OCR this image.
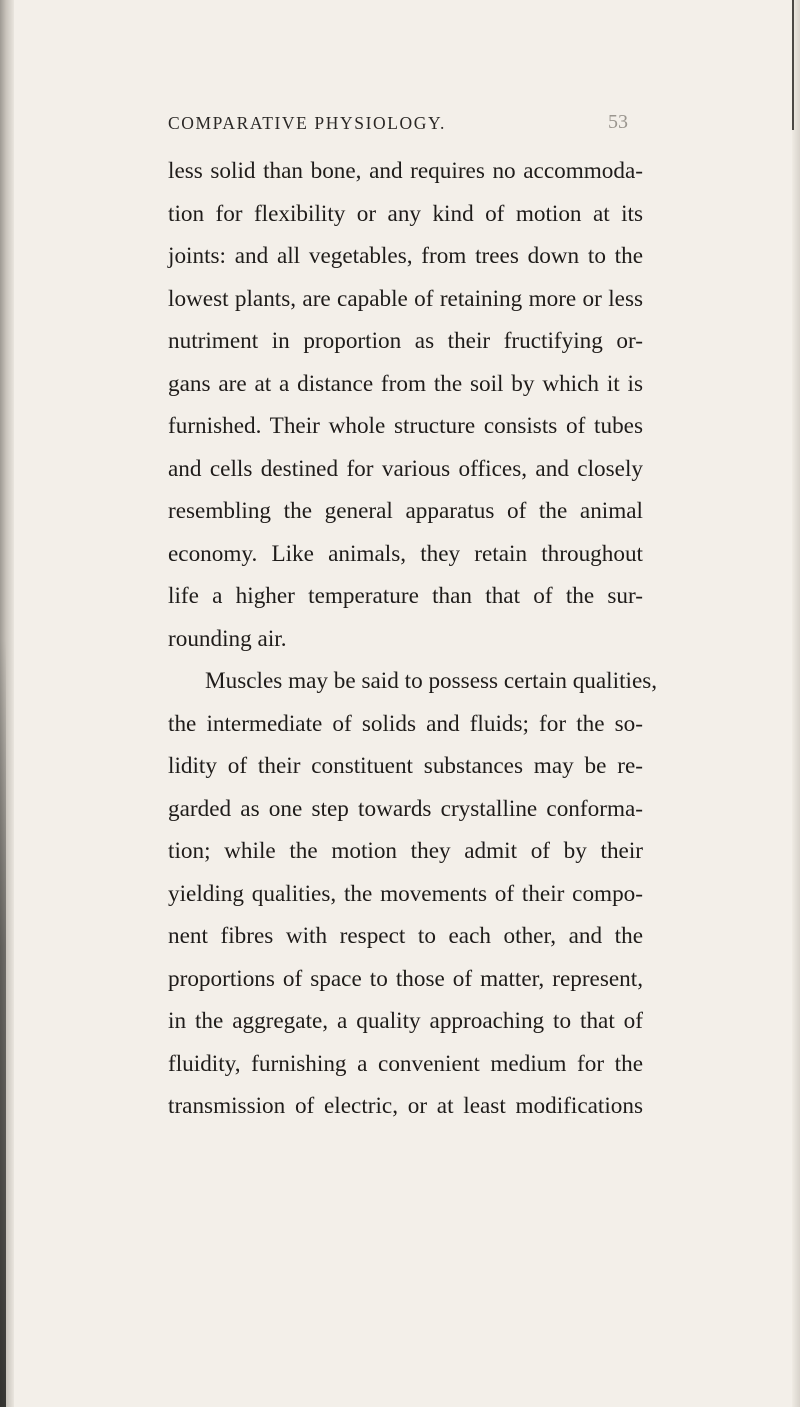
COMPARATIVE PHYSIOLOGY.	53
less solid than bone, and requires no accommoda-
tion for flexibility or any kind of motion at its
joints: and all vegetables, from trees down to the
lowest plants, are capable of retaining more or less
nutriment in proportion as their fructifying or-
gans are at a distance from the soil by which it is
furnished. Their whole structure consists of tubes
and cells destined for various offices, and closely
resembling the general apparatus of the animal
economy. Like animals, they retain throughout
life a higher temperature than that of the sur-
rounding air.
Muscles may be said to possess certain qualities,
the intermediate of solids and fluids; for the so-
lidity of their constituent substances may be re-
garded as one step towards crystalline conforma-
tion; while the motion they admit of by their
yielding qualities, the movements of their compo-
nent fibres with respect to each other, and the
proportions of space to those of matter, represent,
in the aggregate, a quality approaching to that of
fluidity, furnishing a convenient medium for the
transmission of electric, or at least modifications
